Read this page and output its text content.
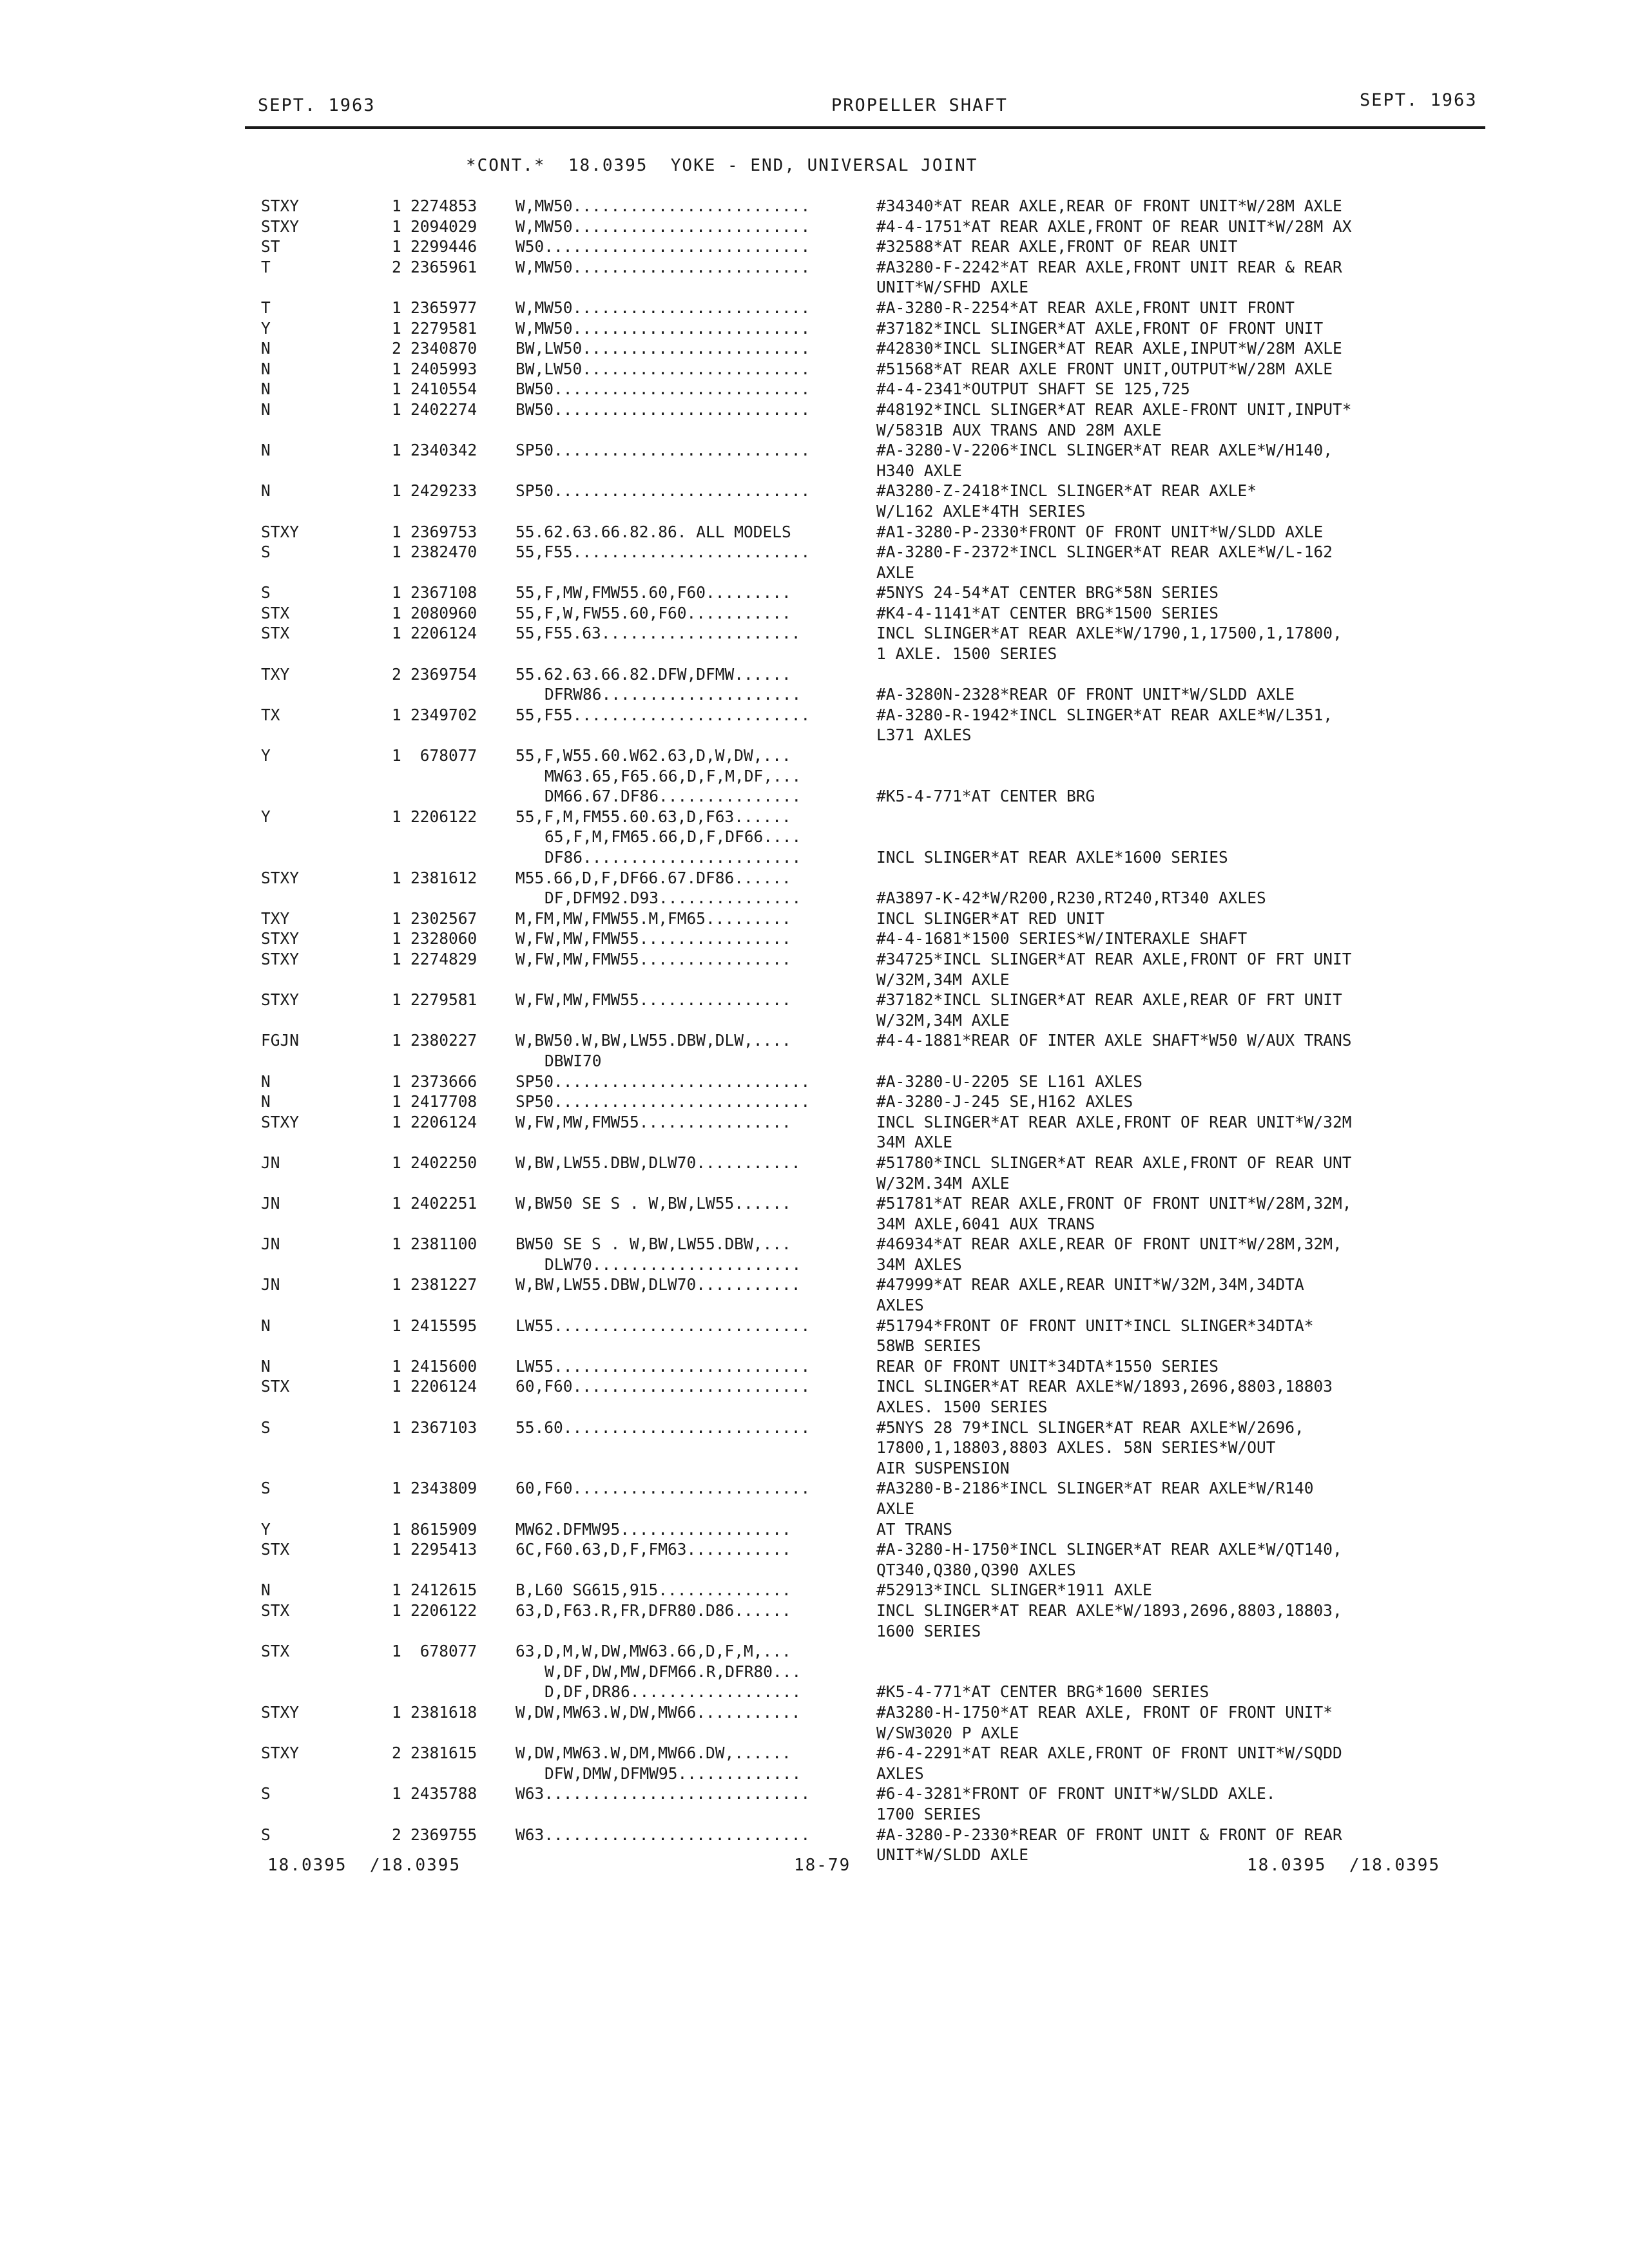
SEPT. 1963	PROPELLER SHAFT	SEPT. 1963
*CONT.*  18.0395  YOKE - END, UNIVERSAL JOINT
STXY	1 2274853 W,MW50.........................	#34340*AT REAR AXLE,REAR OF FRONT UNIT*W/28M AXLE
STXY	1 2094029 W,MW50.........................	#4-4-1751*AT REAR AXLE,FRONT OF REAR UNIT*W/28M AX
ST	1 2299446 W50............................	#32588*AT REAR AXLE,FRONT OF REAR UNIT
T	2 2365961 W,MW50.........................	#A3280-F-2242*AT REAR AXLE,FRONT UNIT REAR & REAR
UNIT*W/SFHD AXLE
T	1 2365977 W,MW50.........................	#A-3280-R-2254*AT REAR AXLE,FRONT UNIT FRONT
Y	1 2279581 W,MW50.........................	#37182*INCL SLINGER*AT AXLE,FRONT OF FRONT UNIT
N	2 2340870 BW,LW50........................	#42830*INCL SLINGER*AT REAR AXLE,INPUT*W/28M AXLE
N	1 2405993 BW,LW50........................	#51568*AT REAR AXLE FRONT UNIT,OUTPUT*W/28M AXLE
N	1 2410554 BW50...........................	#4-4-2341*OUTPUT SHAFT SE 125,725
N	1 2402274 BW50...........................	#48192*INCL SLINGER*AT REAR AXLE-FRONT UNIT,INPUT*
W/5831B AUX TRANS AND 28M AXLE
N	1 2340342 SP50...........................	#A-3280-V-2206*INCL SLINGER*AT REAR AXLE*W/H140,
H340 AXLE
N	1 2429233 SP50...........................	#A3280-Z-2418*INCL SLINGER*AT REAR AXLE*
W/L162 AXLE*4TH SERIES
STXY	1 2369753 55.62.63.66.82.86. ALL MODELS	#A1-3280-P-2330*FRONT OF FRONT UNIT*W/SLDD AXLE
S	1 2382470 55,F55.........................	#A-3280-F-2372*INCL SLINGER*AT REAR AXLE*W/L-162
AXLE
S	1 2367108 55,F,MW,FMW55.60,F60.........	#5NYS 24-54*AT CENTER BRG*58N SERIES
STX	1 2080960 55,F,W,FW55.60,F60...........	#K4-4-1141*AT CENTER BRG*1500 SERIES
STX	1 2206124 55,F55.63.....................	INCL SLINGER*AT REAR AXLE*W/1790,1,17500,1,17800,
1 AXLE. 1500 SERIES
TXY	2 2369754 55.62.63.66.82.DFW,DFMW......
DFRW86.....................	#A-3280N-2328*REAR OF FRONT UNIT*W/SLDD AXLE
TX	1 2349702 55,F55.........................	#A-3280-R-1942*INCL SLINGER*AT REAR AXLE*W/L351,
L371 AXLES
Y	1 678077 55,F,W55.60.W62.63,D,W,DW,...
MW63.65,F65.66,D,F,M,DF,...
DM66.67.DF86...............	#K5-4-771*AT CENTER BRG
Y	1 2206122 55,F,M,FM55.60.63,D,F63......
65,F,M,FM65.66,D,F,DF66....
DF86.......................	INCL SLINGER*AT REAR AXLE*1600 SERIES
STXY	1 2381612 M55.66,D,F,DF66.67.DF86......
DF,DFM92.D93...............	#A3897-K-42*W/R200,R230,RT240,RT340 AXLES
TXY	1 2302567 M,FM,MW,FMW55.M,FM65.........	INCL SLINGER*AT RED UNIT
STXY	1 2328060 W,FW,MW,FMW55................	#4-4-1681*1500 SERIES*W/INTERAXLE SHAFT
STXY	1 2274829 W,FW,MW,FMW55................	#34725*INCL SLINGER*AT REAR AXLE,FRONT OF FRT UNIT
W/32M,34M AXLE
STXY	1 2279581 W,FW,MW,FMW55................	#37182*INCL SLINGER*AT REAR AXLE,REAR OF FRT UNIT
W/32M,34M AXLE
FGJN	1 2380227 W,BW50.W,BW,LW55.DBW,DLW,....	#4-4-1881*REAR OF INTER AXLE SHAFT*W50 W/AUX TRANS
DBWI70
N	1 2373666 SP50...........................	#A-3280-U-2205 SE L161 AXLES
N	1 2417708 SP50...........................	#A-3280-J-245 SE,H162 AXLES
STXY	1 2206124 W,FW,MW,FMW55................	INCL SLINGER*AT REAR AXLE,FRONT OF REAR UNIT*W/32M
34M AXLE
JN	1 2402250 W,BW,LW55.DBW,DLW70...........	#51780*INCL SLINGER*AT REAR AXLE,FRONT OF REAR UNT
W/32M.34M AXLE
JN	1 2402251 W,BW50 SE S . W,BW,LW55......	#51781*AT REAR AXLE,FRONT OF FRONT UNIT*W/28M,32M,
34M AXLE,6041 AUX TRANS
JN	1 2381100 BW50 SE S . W,BW,LW55.DBW,...	#46934*AT REAR AXLE,REAR OF FRONT UNIT*W/28M,32M,
DLW70......................	34M AXLES
JN	1 2381227 W,BW,LW55.DBW,DLW70...........	#47999*AT REAR AXLE,REAR UNIT*W/32M,34M,34DTA
AXLES
N	1 2415595 LW55...........................	#51794*FRONT OF FRONT UNIT*INCL SLINGER*34DTA*
58WB SERIES
N	1 2415600 LW55...........................	REAR OF FRONT UNIT*34DTA*1550 SERIES
STX	1 2206124 60,F60.........................	INCL SLINGER*AT REAR AXLE*W/1893,2696,8803,18803
AXLES. 1500 SERIES
S	1 2367103 55.60..........................	#5NYS 28 79*INCL SLINGER*AT REAR AXLE*W/2696,
17800,1,18803,8803 AXLES. 58N SERIES*W/OUT
AIR SUSPENSION
S	1 2343809 60,F60.........................	#A3280-B-2186*INCL SLINGER*AT REAR AXLE*W/R140
AXLE
Y	1 8615909 MW62.DFMW95..................	AT TRANS
STX	1 2295413 6C,F60.63,D,F,FM63...........	#A-3280-H-1750*INCL SLINGER*AT REAR AXLE*W/QT140,
QT340,Q380,Q390 AXLES
N	1 2412615 B,L60 SG615,915..............	#52913*INCL SLINGER*1911 AXLE
STX	1 2206122 63,D,F63.R,FR,DFR80.D86......	INCL SLINGER*AT REAR AXLE*W/1893,2696,8803,18803,
1600 SERIES
STX	1 678077 63,D,M,W,DW,MW63.66,D,F,M,...
W,DF,DW,MW,DFM66.R,DFR80...
D,DF,DR86..................	#K5-4-771*AT CENTER BRG*1600 SERIES
STXY	1 2381618 W,DW,MW63.W,DW,MW66...........	#A3280-H-1750*AT REAR AXLE, FRONT OF FRONT UNIT*
W/SW3020 P AXLE
STXY	2 2381615 W,DW,MW63.W,DM,MW66.DW,......	#6-4-2291*AT REAR AXLE,FRONT OF FRONT UNIT*W/SQDD
DFW,DMW,DFMW95.............	AXLES
S	1 2435788 W63............................	#6-4-3281*FRONT OF FRONT UNIT*W/SLDD AXLE.
1700 SERIES
S	2 2369755 W63............................	#A-3280-P-2330*REAR OF FRONT UNIT & FRONT OF REAR
UNIT*W/SLDD AXLE
18.0395  /18.0395	18-79	18.0395  /18.0395
